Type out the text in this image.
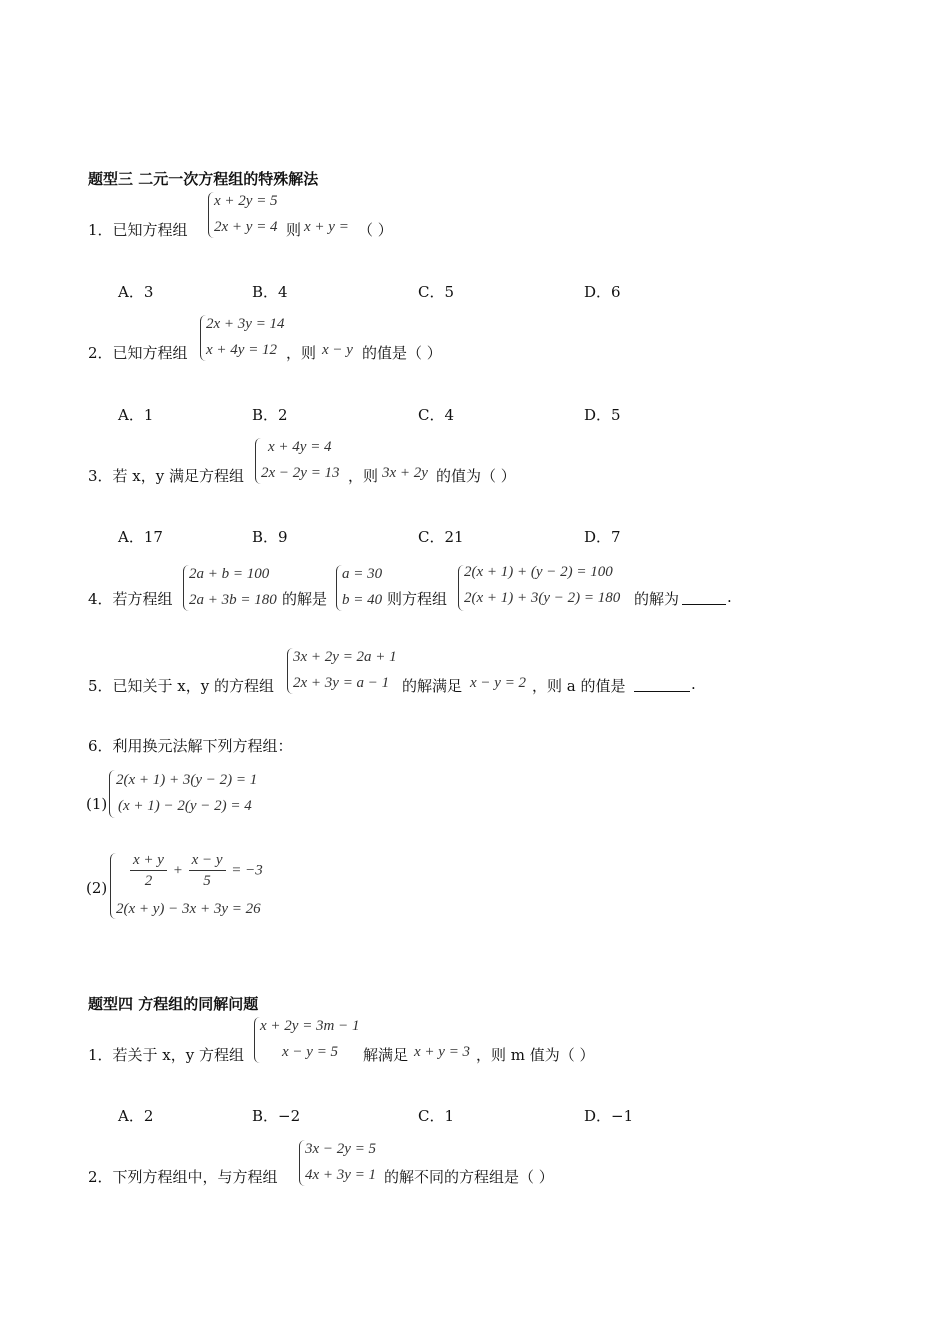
题型三 二元一次方程组的特殊解法
1．已知方程组
x + 2y = 5
2x + y = 4 则 x + y = （ ）
A．3	B．4	C．5	D．6
2．已知方程组
2x + 3y = 14
x + 4y = 12 ，则 x − y 的值是（ ）
A．1	B．2	C．4	D．5
3．若 x，y 满足方程组
x + 4y = 4
2x − 2y = 13 ，则 3x + 2y 的值为（ ）
A．17	B．9	C．21	D．7
4．若方程组
2a + b = 100
2a + 3b = 180 的解是
a = 30
b = 40 则方程组
2(x + 1) + (y − 2) = 100
2(x + 1) + 3(y − 2) = 180 的解为	.
5．已知关于 x，y 的方程组
3x + 2y = 2a + 1
2x + 3y = a − 1 的解满足 x − y = 2 ，则 a 的值是	.
6．利用换元法解下列方程组：
(1)
2(x + 1) + 3(y − 2) = 1
(x + 1) − 2(y − 2) = 4
$(2) \frac{x + y}{2} + \frac{x - y}{5} = -3$
2(x + y) − 3x + 3y = 26
题型四 方程组的同解问题
1．若关于 x，y 方程组
x + 2y = 3m − 1
x − y = 5 解满足 x + y = 3 ，则 m 值为（ ）
A．2	B．−2	C．1	D．−1
2．下列方程组中，与方程组
3x − 2y = 5
4x + 3y = 1 的解不同的方程组是（ ）
